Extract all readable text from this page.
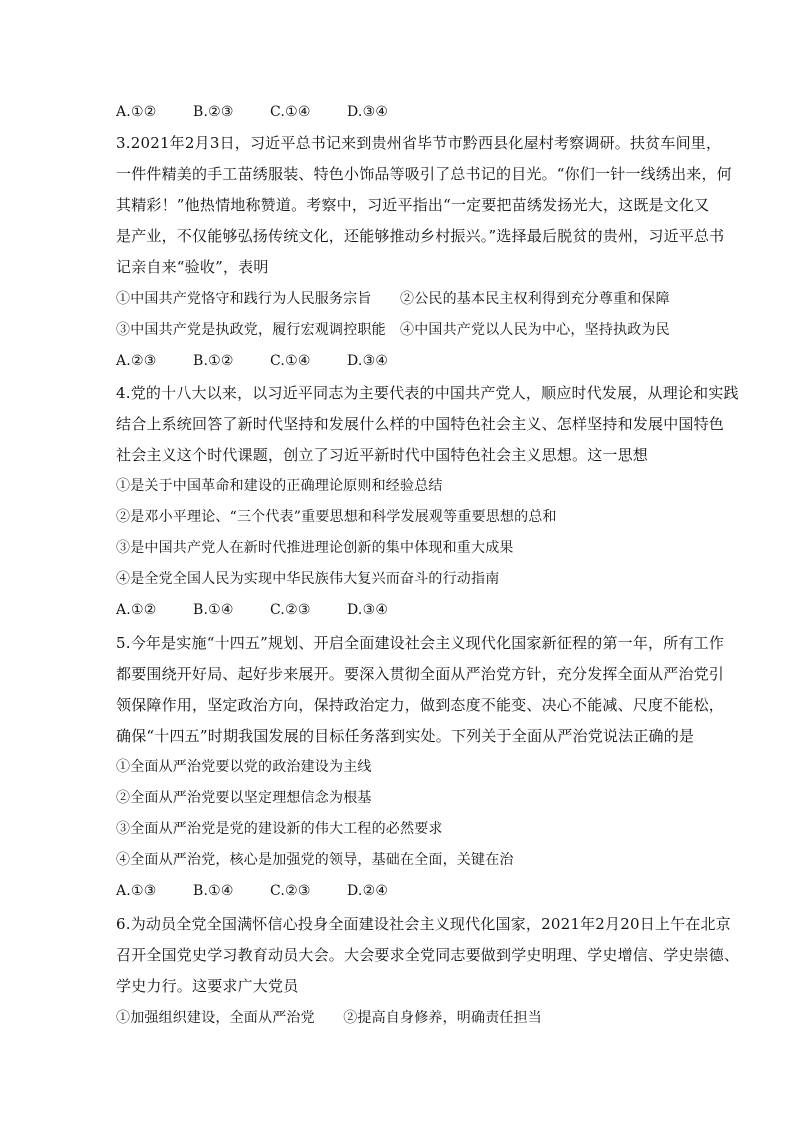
A.①②	B.②③	C.①④	D.③④
3.2021年2月3日，习近平总书记来到贵州省毕节市黔西县化屋村考察调研。扶贫车间里，
一件件精美的手工苗绣服装、特色小饰品等吸引了总书记的目光。“你们一针一线绣出来，何
其精彩！”他热情地称赞道。考察中，习近平指出“一定要把苗绣发扬光大，这既是文化又
是产业，不仅能够弘扬传统文化，还能够推动乡村振兴。”选择最后脱贫的贵州，习近平总书
记亲自来“验收”，表明
①中国共产党恪守和践行为人民服务宗旨　　②公民的基本民主权利得到充分尊重和保障
③中国共产党是执政党，履行宏观调控职能　④中国共产党以人民为中心，坚持执政为民
A.②③	B.①②	C.①④	D.③④
4.党的十八大以来，以习近平同志为主要代表的中国共产党人，顺应时代发展，从理论和实践
结合上系统回答了新时代坚持和发展什么样的中国特色社会主义、怎样坚持和发展中国特色
社会主义这个时代课题，创立了习近平新时代中国特色社会主义思想。这一思想
①是关于中国革命和建设的正确理论原则和经验总结
②是邓小平理论、“三个代表”重要思想和科学发展观等重要思想的总和
③是中国共产党人在新时代推进理论创新的集中体现和重大成果
④是全党全国人民为实现中华民族伟大复兴而奋斗的行动指南
A.①②	B.①④	C.②③	D.③④
5.今年是实施“十四五”规划、开启全面建设社会主义现代化国家新征程的第一年，所有工作
都要围绕开好局、起好步来展开。要深入贯彻全面从严治党方针，充分发挥全面从严治党引
领保障作用，坚定政治方向，保持政治定力，做到态度不能变、决心不能减、尺度不能松，
确保“十四五”时期我国发展的目标任务落到实处。下列关于全面从严治党说法正确的是
①全面从严治党要以党的政治建设为主线
②全面从严治党要以坚定理想信念为根基
③全面从严治党是党的建设新的伟大工程的必然要求
④全面从严治党，核心是加强党的领导，基础在全面，关键在治
A.①③	B.①④	C.②③	D.②④
6.为动员全党全国满怀信心投身全面建设社会主义现代化国家，2021年2月20日上午在北京
召开全国党史学习教育动员大会。大会要求全党同志要做到学史明理、学史增信、学史崇德、
学史力行。这要求广大党员
①加强组织建设，全面从严治党　　②提高自身修养，明确责任担当
